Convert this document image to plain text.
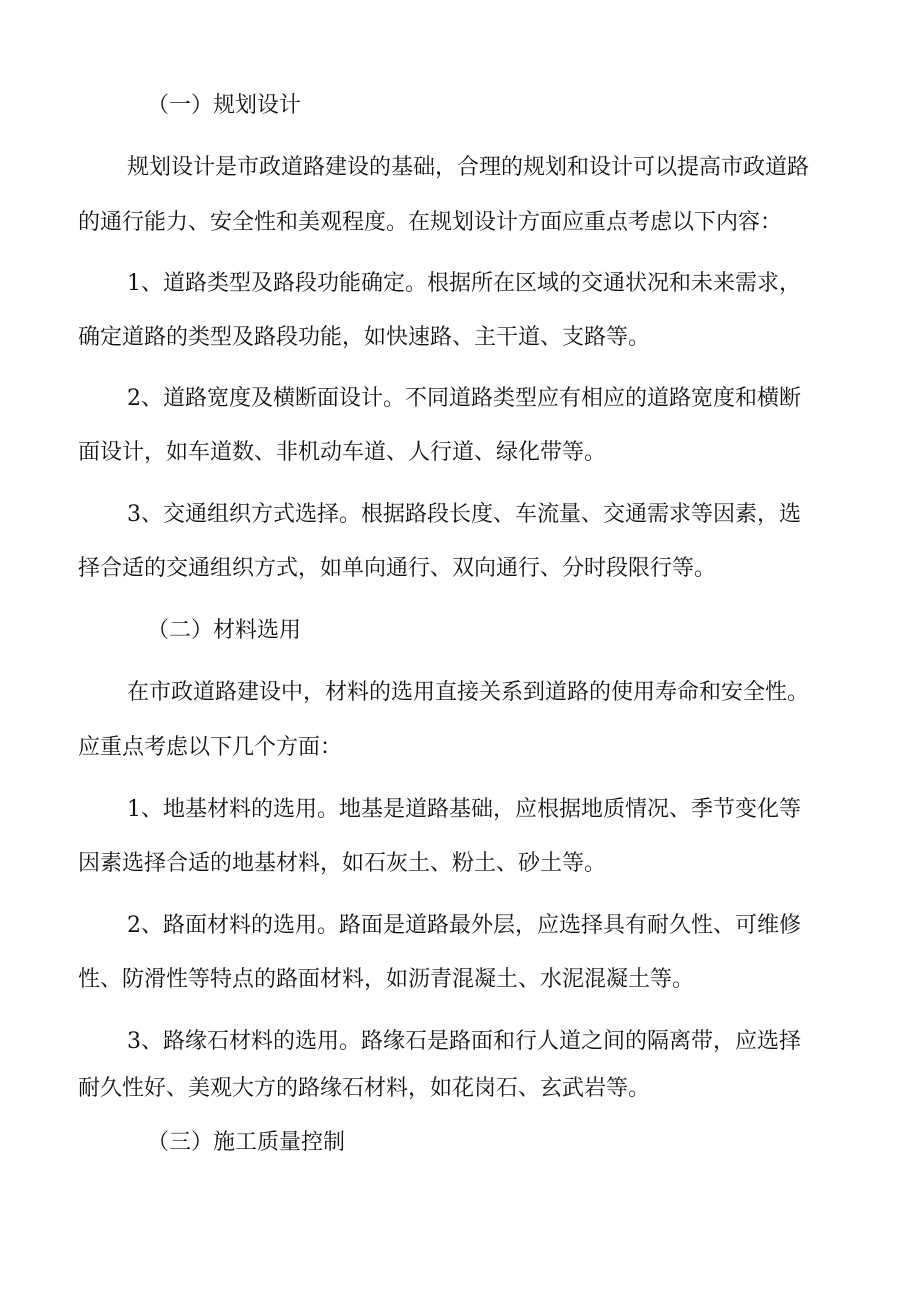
（一）规划设计
规划设计是市政道路建设的基础，合理的规划和设计可以提高市政道路
的通行能力、安全性和美观程度。在规划设计方面应重点考虑以下内容：
1、道路类型及路段功能确定。根据所在区域的交通状况和未来需求，
确定道路的类型及路段功能，如快速路、主干道、支路等。
2、道路宽度及横断面设计。不同道路类型应有相应的道路宽度和横断
面设计，如车道数、非机动车道、人行道、绿化带等。
3、交通组织方式选择。根据路段长度、车流量、交通需求等因素，选
择合适的交通组织方式，如单向通行、双向通行、分时段限行等。
（二）材料选用
在市政道路建设中，材料的选用直接关系到道路的使用寿命和安全性。
应重点考虑以下几个方面：
1、地基材料的选用。地基是道路基础，应根据地质情况、季节变化等
因素选择合适的地基材料，如石灰土、粉土、砂土等。
2、路面材料的选用。路面是道路最外层，应选择具有耐久性、可维修
性、防滑性等特点的路面材料，如沥青混凝土、水泥混凝土等。
3、路缘石材料的选用。路缘石是路面和行人道之间的隔离带，应选择
耐久性好、美观大方的路缘石材料，如花岗石、玄武岩等。
（三）施工质量控制
